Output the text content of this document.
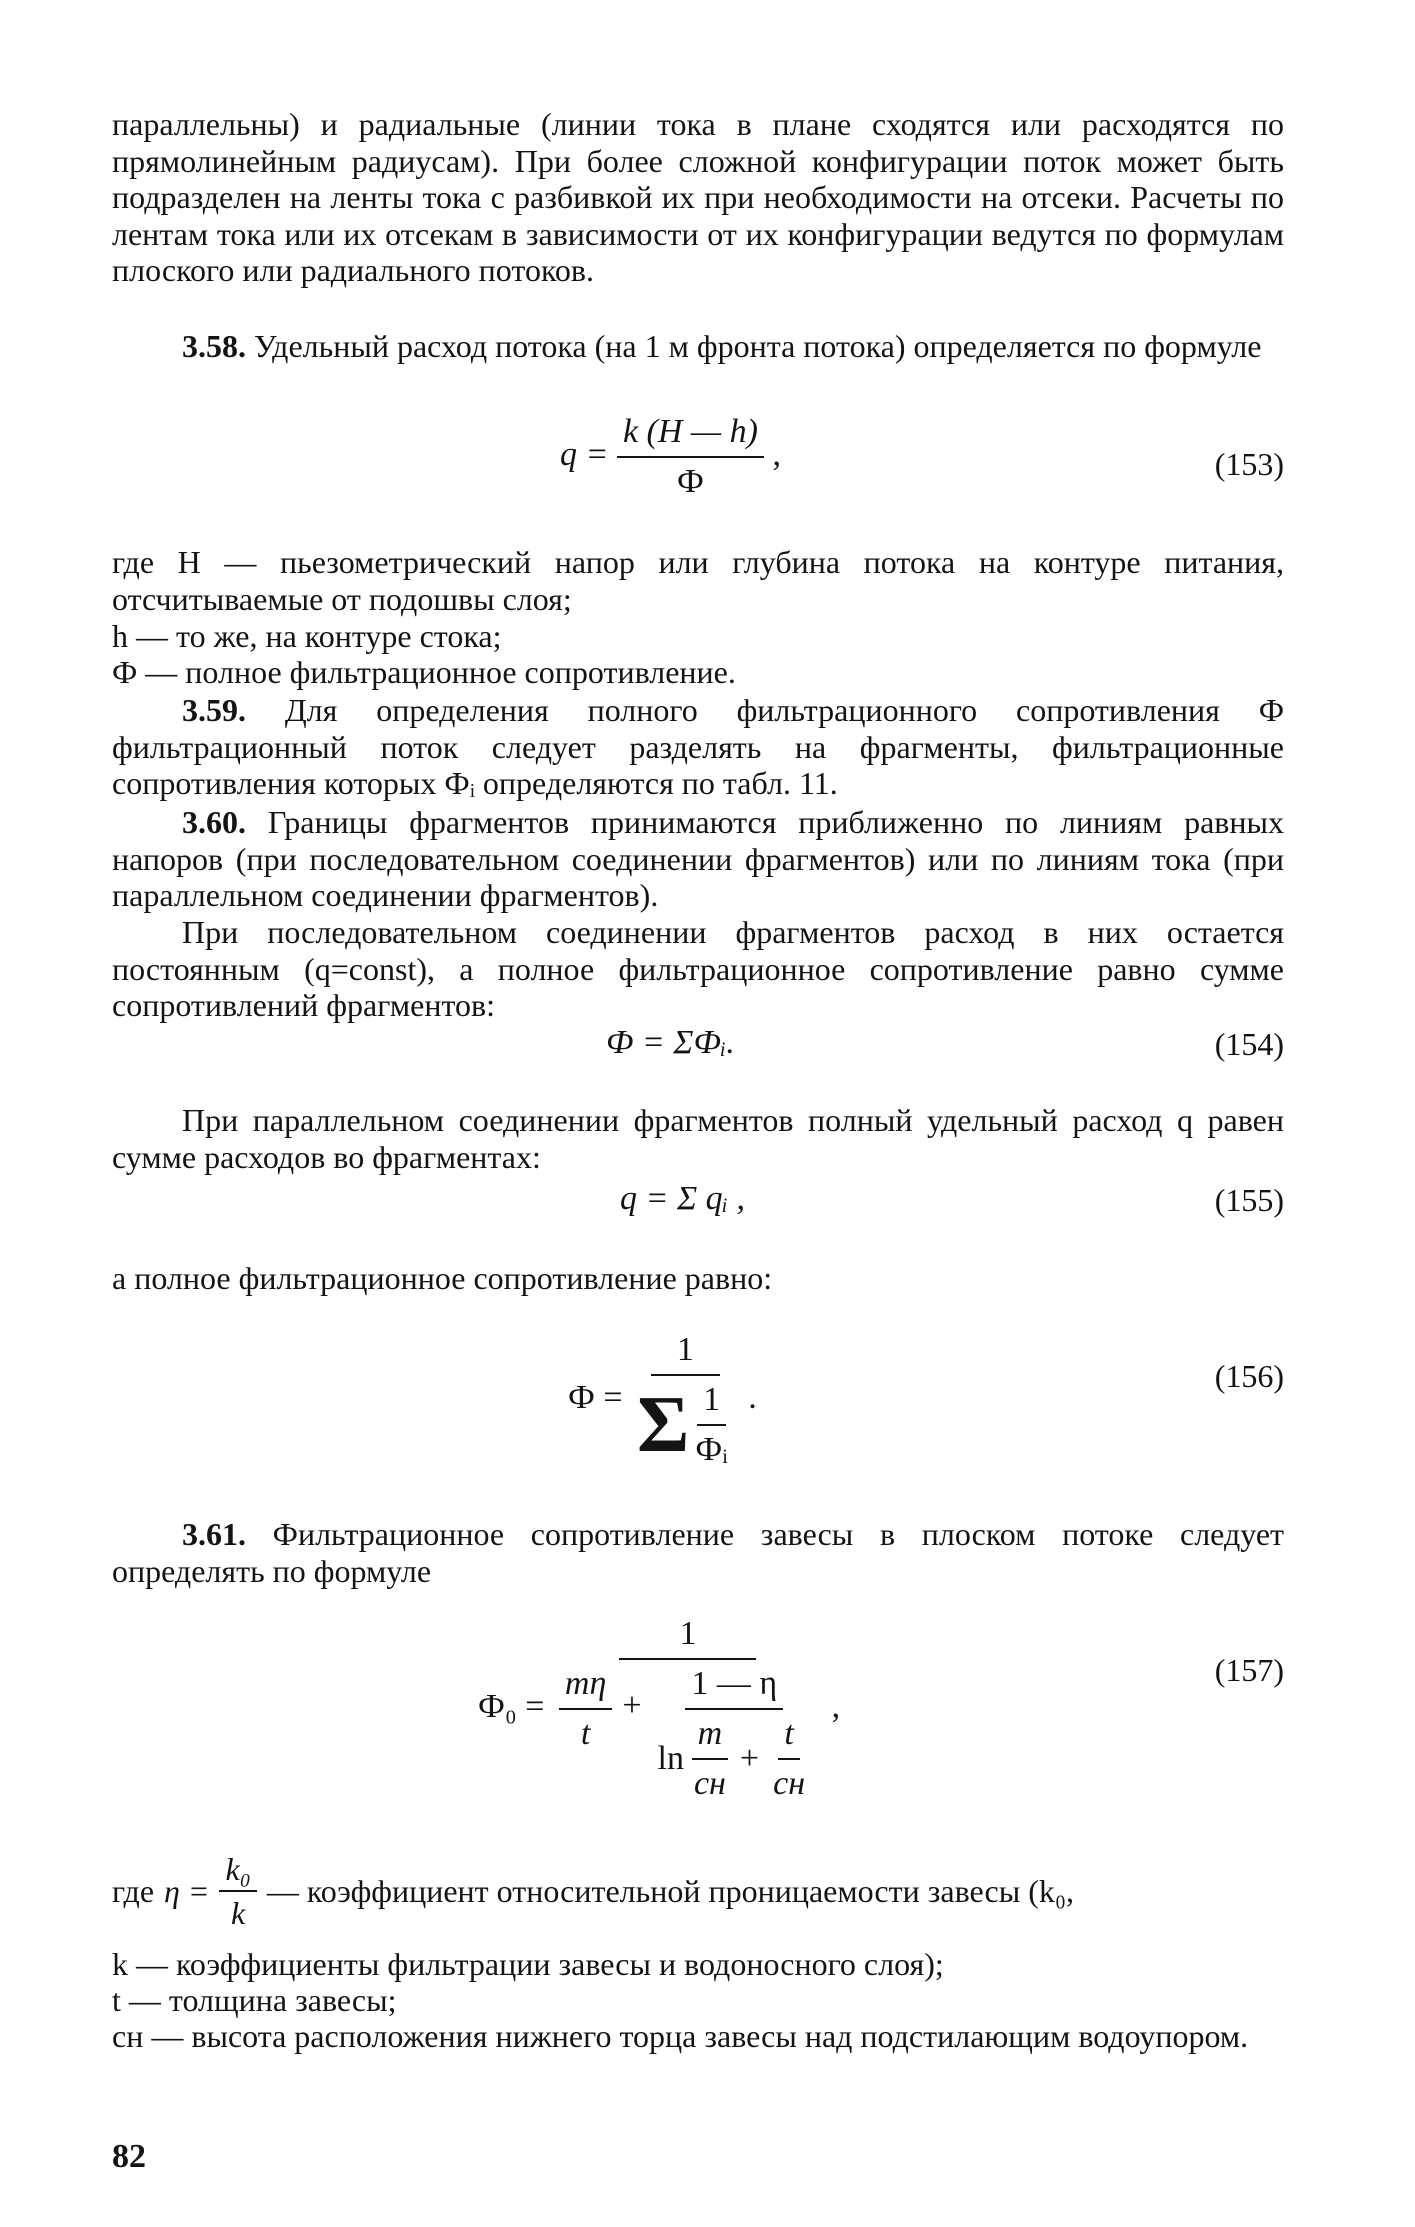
параллельны) и радиальные (линии тока в плане сходятся или расходятся по прямолинейным радиусам). При более сложной конфигурации поток может быть подразделен на ленты тока с разбивкой их при необходимости на отсеки. Расчеты по лентам тока или их отсекам в зависимости от их конфигурации ведутся по формулам плоского или радиального потоков.

3.58. Удельный расход потока (на 1 м фронта потока) определяется по формуле

$q = \frac{k (H — h)}{Ф}$ ,	(153)

где H — пьезометрический напор или глубина потока на контуре питания, отсчитываемые от подошвы слоя;

h — то же, на контуре стока;

Ф — полное фильтрационное сопротивление.

3.59. Для определения полного фильтрационного сопротивления Ф фильтрационный поток следует разделять на фрагменты, фильтрационные сопротивления которых Фᵢ определяются по табл. 11.

3.60. Границы фрагментов принимаются приближенно по линиям равных напоров (при последовательном соединении фрагментов) или по линиям тока (при параллельном соединении фрагментов).

При последовательном соединении фрагментов расход в них остается постоянным (q=const), а полное фильтрационное сопротивление равно сумме сопротивлений фрагментов:

Ф = ΣФᵢ.	(154)

При параллельном соединении фрагментов полный удельный расход q равен сумме расходов во фрагментах:

q = Σ qᵢ ,	(155)

а полное фильтрационное сопротивление равно:

$Ф = \frac{1}{\Sigma \frac{1}{\text{Фᵢ}}}$ .
(156)

3.61. Фильтрационное сопротивление завесы в плоском потоке следует определять по формуле

Ф₀ =
1
$\frac{m\eta}{t}$ +
1 — η
$\ln \frac{m}{cн} + \frac{t}{cн}$
,
(157)
где $\eta = \frac{\text{k₀}}{k}$ — коэффициент относительной проницаемости завесы (k₀,

k — коэффициенты фильтрации завесы и водоносного слоя);

t — толщина завесы;

cн — высота расположения нижнего торца завесы над подстилающим водоупором.

82
